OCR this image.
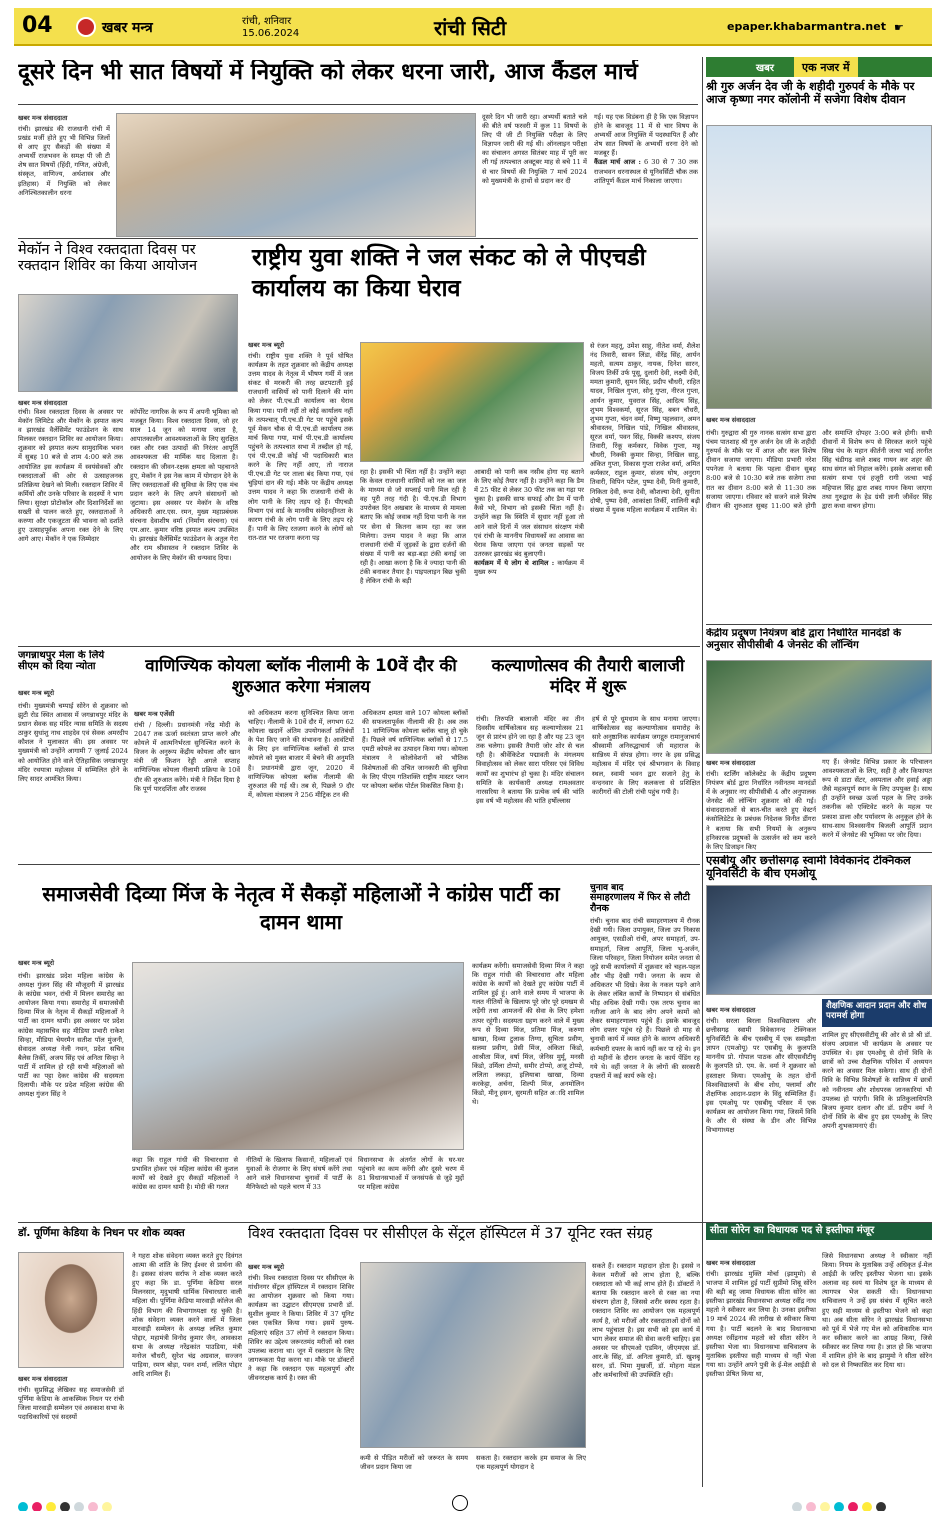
04	खबर मन्त्र	रांची, शनिवार
15.06.2024	रांची सिटी	epaper.khabarmantra.net ☛
दूसरे दिन भी सात विषयों में नियुक्ति को लेकर धरना जारी, आज कैंडल मार्च
खबर मन्त्र संवाददाता
रांची। झारखंड की राजधानी रांची में प्रखंड मर्जी होते हुए भी विभिन्न जिलों से आए हुए सैकड़ों की संख्या में अभ्यर्थी राजभवन के समक्ष पी जी टी शेष सात विषयों (हिंदी, गणित, अंग्रेजी, संस्कृत, वाणिज्य, अर्थशास्त्र और इतिहास) में नियुक्ति को लेकर अनिश्चितकालीन धरना
दूसरे दिन भी जारी रहा। अभ्यर्थी बताते चले की बीते वर्ष फरवरी में कुल 11 विषयों के लिए पी जी टी नियुक्ति परीक्षा के लिए विज्ञापन जारी की गई थी। ऑनलाइन परीक्षा का संचालन अगस्त सितंबर माह में पूरी कर ली गई तत्पश्चात अक्टूबर माह से बचे 11 में से चार विषयों की नियुक्ति 7 मार्च 2024 को मुख्यमंत्री के हाथों से प्रदान कर दी
गई। यह एक विडंबना ही है कि एक विज्ञापन होने के बावजूद 11 में से चार विषय के अभ्यर्थी आज नियुक्ति में पदस्थापित हैं और शेष सात विषयों के अभ्यर्थी धरना देने को मजबूर हैं।
कैंडल मार्च आज : 6 30 से 7 30 तक राजभवन धरनास्थल से यूनिवर्सिटी चौक तक शांतिपूर्ण कैंडल मार्च निकाला जाएगा।
खबर	एक नजर में
श्री गुरु अर्जन देव जी के शहीदी गुरुपर्व के मौके पर आज कृष्णा नगर कॉलोनी में सजेगा विशेष दीवान
खबर मन्त्र संवाददाता
रांची। गुरुद्वारा श्री गुरु नानक सत्संग सभा द्वारा पंचम पातशाह श्री गुरु अर्जन देव जी के शहीदी गुरुपर्व के मौके पर में आज और कल विशेष दीवान सजाया जाएगा। मीडिया प्रभारी नरेश पपनेजा ने बताया कि पहला दीवान सुबह 8:00 बजे से 10:30 बजे तक सजेगा तथा रात का दीवान 8:00 बजे से 11:30 तक सजाया जाएगा। रविवार को सजने वाले विशेष दीवान की शुरुआत सुबह 11:00 बजे होगी और समाप्ति दोपहर 3:00 बजे होगी। सभी दीवानों में विशेष रूप से सिरकत करने पहुंचे सिख पंथ के महान कीर्तनी जत्था भाई तरनीत सिंह चंडीगढ़ वाले शबद गायन कर शहर की साध संगत को निहाल करेंगे। इसके अलावा स्त्री सत्संग सभा एवं हजूरी रागी जत्था भाई महिपाल सिंह द्वारा शबद गायन किया जाएगा तथा गुरुद्वारा के हेड ग्रंथी ज्ञानी जीवेंदर सिंह द्वारा कथा वाचन होगा।
मेकॉन ने विश्व रक्तदाता दिवस पर रक्तदान शिविर का किया आयोजन
खबर मन्त्र संवाददाता
रांची। विश्व रक्तदाता दिवस के अवसर पर मेकॉन लिमिटेड और मेकॉन के इस्पात कल्प व झारखंड वैलेंसिमेंट फाउंडेशन के साथ मिलकर रक्तदान शिविर का आयोजन किया। शुक्रवार को इस्पात कल्प सामुदायिक भवन में सुबह 10 बजे से शाम 4:00 बजे तक आयोजित इस कार्यक्रम में स्वयंसेवकों और रक्तदाताओं की ओर से उत्साहजनक प्रतिक्रिया देखने को मिली। रक्तदान शिविर में कर्मियों और उनके परिवार के सदस्यों ने भाग लिया। सुरक्षा प्रोटोकॉल और दिशानिर्देशों का सख्ती से पालन करते हुए, रक्तदाताओं ने करुणा और एकजुटता की भावना को दर्शाते हुए उत्साहपूर्वक अपना रक्त देने के लिए आगे आए। मेकॉन ने एक जिम्मेदार
कॉर्पोरेट नागरिक के रूप में अपनी भूमिका को मजबूत किया। विश्व रक्तदाता दिवस, जो हर साल 14 जून को मनाया जाता है, आपातकालीन आवश्यकताओं के लिए सुरक्षित रक्त और रक्त उत्पादों की निरंतर आपूर्ति आवश्यकता की मार्मिक याद दिलाता है। रक्तदान की जीवन-रक्षक क्षमता को पहचानते हुए, मेकॉन ने इस नेक काम में योगदान देने के लिए रक्तदाताओं की सुविधा के लिए एक मंच प्रदान करने के लिए अपने संसाधनों को जुटाया। इस अवसर पर मेकॉन के वरिष्ठ अधिकारी आर.एस. रमन, मुख्य महाप्रबंधक संरचना देवाशीष वर्मा (निर्माण संरचना) एवं एम.आर. कुमार वरिष्ठ इस्पात कल्प उपस्थित थे। झारखंड वैलेंसिमेंट फाउंडेशन के अतुल गेरा और राम श्रीवास्तव ने रक्तदान शिविर के आयोजन के लिए मेकॉन की धन्यवाद दिया।
राष्ट्रीय युवा शक्ति ने जल संकट को ले पीएचडी कार्यालय का किया घेराव
खबर मन्त्र ब्यूरो
रांची। राष्ट्रीय युवा शक्ति ने पूर्व घोषित कार्यक्रम के तहत शुक्रवार को केंद्रीय अध्यक्ष उत्तम यादव के नेतृत्व में भीषण गर्मी में जल संकट से मरकरी की तरह छटपटाती हुई राजधानी वासियों को पानी दिलाने की मांग को लेकर पी.एच.डी कार्यालय का घेराव किया गया। पानी नहीं तो कोई कार्यालय नहीं के तत्पश्चात् पी.एच.डी गेट पर पहुंचे इसके पूर्व मेकन चौक से पी.एच.डी कार्यालय तक मार्च किया गया, मार्च पी.एच.डी कार्यालय पहुंचने के तत्पश्चात सभा में तब्दील हो गई, एवं पी.एच.डी कोई भी पदाधिकारी बात करने के लिए नहीं आए, तो नाराज पी.एच.डी गेट पर ताला बंद किया गया, एवं चुड़ियां दान की गई। मौके पर केंद्रीय अध्यक्ष उत्तम यादव ने कहा कि राजधानी रांची के लोग पानी के लिए तड़प रहे हैं। पीएचडी विभाग एवं वार्ड के मानवीय संवेदनहीनता के कारण रांची के लोग पानी के लिए तड़प रहे हैं। पानी के लिए रतजगा करने के लोगों को रात-रात भर रतजगा करना पड़
रहा है। इसकी भी चिंता नहीं है। उन्होंने कहा कि केवल राजधानी वासियों को नल का जल के माध्यम से जो सप्लाई पानी मिल रही है वह पूरी तरह गंदी है। पी.एच.डी विभाग उपरोक्त दिन अखबार के माध्यम से मामला बताए कि कोई जवाब नहीं दिया पानी के नल पर सेना से कितना काम रहा का जल मिलेगा। उत्तम यादव ने कहा कि आज राजधानी रांची में जुड़कों के द्वारा दर्जनों की संख्या में पानी का बड़ा-बड़ा टंकी बनाई जा रही है। आखा करना है कि वे ज्यादा पानी की टंकी बनाकर तैयार है। पाइपलाइन बिछ चुकी है लेकिन रांची के बड़ी
आबादी को पानी कब नसीब होगा यह बताने के लिए कोई तैयार नहीं है। उन्होंने कहा कि डैम में 25 फीट से लेकर 30 फीट तक का गढ़ा पर चुका है। इसकी साफ सफाई और डैम में पानी कैसे भरे, विभाग को इसकी चिंता नहीं है। उन्होंने कहा कि स्थिति में सुधार नहीं हुआ तो आने वाले दिनों में जल संसाधन संरक्षण मंत्री एवं रांची के माननीय विधायकों का आवास का घेराव किया जाएगा एवं जनता सड़कों पर उतरकर झारखंड बंद बुलाएगी।
कार्यक्रम में ये लोग थे शामिल : कार्यक्रम में मुख्य रूप
से रंजन महतू, उमेश साहू, नीतेश वर्मा, शैलेश नंद तिवारी, सावन लिंडा, वीरेंद्र सिंह, आर्यन महतो, सत्यम ठाकुर, नायक, दिनेश सारन, विजय तिर्की उर्फ पूसू, दुलारी देवी, लक्ष्मी देवी, ममता कुमारी, सुमन सिंह, प्रदीप चौधरी, राहित यादव, निखिल गुप्ता, सोनू गुप्ता, नीरज गुप्ता, आर्यन कुमार, युवराज सिंह, आदित्य सिंह, शुभम विश्वकर्मा, सूरज सिंह, बबन चौधरी, शुभम गुप्ता, चंदन वर्मा, विष्णु पहलवान, अमन श्रीवास्तव, निखिल पांडे, निखिल श्रीवास्तव, सूरज वर्मा, पवन सिंह, विक्की कश्यप, संजय तिवारी, रिंकू कर्मकार, विवेक गुप्ता, मन्नू चौधरी, निक्की कुमार सिन्हा, निखिल साहू, अंकित गुप्ता, विकास गुप्ता राजेश वर्मा, अमित कर्मकार, राहुल कुमार, संजय घोष, अनुराग तिवारी, विपिन पटेल, पुष्पा देवी, मिनी कुमारी, निकिता देवी, रूपा देवी, कौशल्या देवी, सुनीता दोषी, पुष्पा देवी, आकांक्षा तिर्की, शालिनी बढ़ी संख्या में युवक महिला कार्यक्रम में शामिल थे।
केंद्रीय प्रदूषण नियंत्रण बोर्ड द्वारा निर्धारित मानदंडों के अनुसार सीपीसीबी 4 जेनसेट की लॉन्चिंग
खबर मन्त्र संवाददाता
रांची। स्टर्लिंग कॉलेक्टेड के केंद्रीय प्रदूषण नियंत्रण बोर्ड द्वारा निर्धारित नवीनतम मानदंडों में के अनुसार नए सीपीसीबी 4 और अनुपालक जेनसेट की लॉन्चिंग शुक्रवार को की गई। संवाददाताओं से बात-चीत करते हुए वेस्टर्न कंसोलिडेटेड के प्रबंधक निदेशक विनीत डींगरा ने बताया कि सभी नियमों के अनुरूप हनिकारक प्रदूषकों के उत्सर्जन को कम करने के लिए डिजाइन किए
गए हैं। जेनसेट विभिन्न प्रकार के परिचालन आवश्यकताओं के लिए, सही है और किफायत रूप से डाटा सेंटर, अस्पताल और हवाई अड्डा जैसे महत्वपूर्ण स्थान के लिए उपयुक्त है। साथ ही उन्होंने स्वच्छ ऊर्जा पहल के लिए उनके तकनीक को एक्टिवेट करने के महत्व पर प्रकाश डाला और पर्यावरण के अनुकूल होने के साथ-साथ विश्वसनीय बिजली आपूर्ति प्रदान करने में जेनसेट की भूमिका पर जोर दिया।
जगन्नाथपुर मेला के लिये सीएम को दिया न्योता
खबर मन्त्र ब्यूरो
रांची। मुख्यमंत्री चम्पाई सोरेन से शुक्रवार को झुटी रोड स्थित आवास में जगन्नाथपुर मंदिर के प्रधान सेवक सह मंदिर न्यास समिति के सदस्य ठाकुर सुधांशु नाथ शाहदेव एवं सेवक अमरदीप कौशल ने मुलाकात की। इस अवसर पर मुख्यमंत्री को उन्होंने आगामी 7 जुलाई 2024 को आयोजित होने वाले ऐतिहासिक जगन्नाथपुर मंदिर रथयात्रा महोत्सव में सम्मिलित होने के लिए सादर आमंत्रित किया।
वाणिज्यिक कोयला ब्लॉक नीलामी के 10वें दौर की शुरुआत करेगा मंत्रालय
खबर मन्त्र एजेंसी
रांची / दिल्ली। प्रधानमंत्री नरेंद्र मोदी के 2047 तक ऊर्जा स्वतंत्रता प्राप्त करने और कोयले में आत्मनिर्भरता सुनिश्चित करने के विजन के अनुरूप केंद्रीय कोयला और खान मंत्री जी किशन रेड्डी अगले सप्ताह वाणिज्यिक कोयला नीलामी प्रक्रिया के 10वें दौर की शुरुआत करेंगे। मंत्री ने निर्देश दिया है कि पूर्ण पारदर्शिता और राजस्व
को अधिकतम करना सुनिश्चित किया जाना चाहिए। नीलामी के 10वें दौर में, लगभग 62 कोयला खदानें अंतिम उपयोगकर्ता प्रतिबंधों के पेश किए जाने की संभावना है। आवंटियों के लिए इन वाणिज्यिक ब्लॉकों से प्राप्त कोयले को मुक्त बाजार में बेचने की अनुमति है। प्रधानमंत्री द्वारा जून, 2020 में वाणिज्यिक कोयला ब्लॉक नीलामी की शुरुआत की गई थी। तब से, पिछले 9 दौर में, कोयला मंत्रालय ने 256 मीट्रिक टन की
अधिकतम क्षमता वाले 107 कोयला ब्लॉकों की सफलतापूर्वक नीलामी की है। अब तक 11 वाणिज्यिक कोयला ब्लॉक चालू हो चुके हैं। पिछले वर्ष वाणिज्यिक ब्लॉकों से 17.5 एमटी कोयले का उत्पादन किया गया। कोयला मंत्रालय ने कोलोवेशनों को भौतिक विशेषताओं की उचित जानकारी की सुविधा के लिए पीएम गतिशक्ति राष्ट्रीय मास्टर प्लान पर कोयला ब्लॉक पोर्टल विकसित किया है।
कल्याणोत्सव की तैयारी बालाजी मंदिर में शुरू
रांची। तिरुपति बालाजी मंदिर का तीन दिवसीय वार्षिकोत्सव सह कल्याणोत्सव 21 जून से प्रारंभ होने जा रहा है और यह 23 जून तक चलेगा। इसकी तैयारी जोर शोर से चल रही है। श्रीवेंकिटेश पद्मावती के मंगलमय विवाहोत्सव को लेकर सारा परिसर एवं विविध कार्यों का शुभारंभ हो चुका है। मंदिर संचालन समिति के कार्यकारी अध्यक्ष रामअवतार नारसरिया ने बताया कि प्रत्येक वर्ष की भांति इस वर्ष भी महोत्सव की भांति हर्षोल्लास
हर्ष से पूरे धूमधाम के साथ मनाया जाएगा। वार्षिकोत्सव सह कल्याणोत्सव समारोह के सारे अनुष्ठानिक कार्यक्रम जगद्गुरु रामानुजाचार्य श्रीस्वामी अनिरुद्धाचार्य जी महाराज के सान्निध्य में संपन्न होगा। नगर के इस प्रसिद्ध महोत्सव में मंदिर एवं श्रीभगवान के विवाह स्थल, स्वामी भवन द्वार सजाने हेतु के वन्दनवार के लिए कलकत्ता से प्रशिक्षित कारीगरों की टोली रांची पहुंच गयी है।
एसबीयू और छत्तीसगढ़ स्वामी विवेकानंद टेक्निकल यूनिवर्सिटी के बीच एमओयू
खबर मन्त्र संवाददाता	शैक्षणिक आदान प्रदान और शोध परामर्श होगा
रांची। सरला बिरला विश्वविद्यालय और छत्तीसगढ़ स्वामी विवेकानन्द टेक्निकल यूनिवर्सिटी के बीच एसबीयू में एक समझौता ज्ञापन (एमओयू) पर एसबीयू के कुलपति माननीय प्रो. गोपाल पाठक और सीएसवीटीयू के कुलपति प्रो. एम. के. वर्मा ने शुक्रवार को हस्ताक्षर किया। एमओयू के तहत दोनों विश्वविद्यालयों के बीच शोध, फ्लार्मा और शैक्षणिक आदान-प्रदान के विंदु सम्मिलित हैं। इस एमओयू पर एसबीयू परिसर में एक कार्यक्रम का आयोजन किया गया, जिसमें विवि के और से संस्था के डीन और विभिन्न विभागाध्यक्ष
शामिल हुए सीएसवीटीयू की ओर से प्रो श्री डॉ. संजय अग्रवाल भी कार्यक्रम के अवसर पर उपस्थित थे। इस एमओयू से दोनों विवि के छात्रों को उच्च शैक्षणिक परिवेश में अध्ययन करने का अवसर मिल सकेगा। साथ ही दोनों विवि के विभिन्न विशेषज्ञों के सान्निध्य में छात्रों को नवीनतम और शोधपरक जानकारियां भी उपलब्ध हो पाएंगी। विवि के प्रतिकुलाधिपति बिजय कुमार दलान और डॉ. प्रदीप वर्मा ने दोनों विवि के बीच हुए इस एमओयू के लिए अपनी शुभकामनाएं दी।
चुनाव बाद
समाहरणालय में फिर से लौटी रौनक
रांची। चुनाव बाद रांची समाहरणालय में रौनक देखी गयी। जिला उपायुक्त, जिला उप निकास आयुक्त, एसडीओ रांची, अपर समाहर्ता, उप-समाहर्ता, जिला आपूर्ति, जिला भू-अर्जन, जिला परिवहन, जिला नियोजन समेत जनता से जुड़े सभी कार्यालयों में शुक्रवार को चहल-पहल और भीड़ देखी गयी। जनता के काम से अधिकतर भी दिखे। केस के नकल पढ़ने आने के लेकर लंबित कार्यों के निष्पादन से संबंधित भीड़ अधिक देखी गयी। एक तरफ चुनाव का नतीजा आने के बाद लोग अपने कामों को लेकर समाहरणालय पहुंचे हैं। इसके बावजूद लोग दफ्तर पहुंच रहे हैं। पिछले दो माह से चुनावी कार्य में व्यस्त होने के कारण अधिकारी कर्मचारी दफ्तर के कार्य नहीं कर पा रहे थे। इन दो महीनों के दौरान जनता के कार्य पेंडिंग रह गये थे। वहीं जनता ने के लोगों की सरकारी दफ्तरों में कई कार्य रुके रहे।
समाजसेवी दिव्या मिंज के नेतृत्व में सैकड़ों महिलाओं ने कांग्रेस पार्टी का दामन थामा
खबर मन्त्र ब्यूरो
रांची। झारखंड प्रदेश महिला कांग्रेस के अध्यक्ष गुंजन सिंह की मौजूदगी में झारखंड के कांग्रेस भवन, रांची में मिलन समारोह का आयोजन किया गया। समारोह में समाजसेवी दिव्या मिंज के नेतृत्व में सैकड़ों महिलाओं ने पार्टी का दामन थामी। इस अवसर पर प्रदेश कांग्रेस महासचिव सह मीडिया प्रभारी राकेश सिन्हा, मीडिया चेयरमैन सतीश पॉल मुंजनी, सेवादल अध्यक्ष नेली नथन, प्रदेश सचिव बैलेस तिर्की, अजय सिंह एवं अनिता सिन्हा ने पार्टी में शामिल हो रही सभी महिलाओं को पार्टी का पट्टा देकर कांग्रेस की सदस्यता दिलायी। मौके पर प्रदेश महिला कांग्रेस की अध्यक्ष गुंजन सिंह ने
कहा कि राहुल गांधी की विचारधारा से प्रभावित होकर एवं महिला कांग्रेस की कुशल कार्यों को देखते हुए सैकड़ों महिलाओं ने कांग्रेस का दामन थामी है। मोदी की गलत
नीतियों के खिलाफ किसानों, महिलाओं एवं युवाओं के रोजगार के लिए संघर्ष करेंगे तथा आने वाले विधानसभा चुनावों में पार्टी के मैनिफेस्टो को पहले चरण में 33
विधानसभा के अंतर्गत लोगों के घर-घर पहुंचाने का काम करेंगी और दूसरे चरण में 81 विधानसभाओं में जनसंपर्क से जुड़े मुद्दों पर महिला कांग्रेस
कार्यक्रम करेंगी। समाजसेवी दिव्या मिंज ने कहा कि राहुल गांधी की विचारधारा और महिला कांग्रेस के कार्यों को देखते हुए कांग्रेस पार्टी में शामिल हुई हूं। आने वाले समय में भाजपा के गलत नीतियों के खिलाफ पूरे जोर पूरे दमखम से लड़ेंगी तथा आमजनों की सेवा के लिए हमेशा तत्पर रहूंगी। सदस्यता ग्रहण करने वाले में मुख्य रूप से दिव्या मिंज, प्रतिमा मिंज, करुणा खाखा, दिव्या टुलाक तिग्गा, सुचिता प्रवीण, सलमा प्रवीण, प्रेसी मिंज, अंकिता किंडो, आश्रीता मिंज, वर्षा मिंज, जेनिस मुर्मू, मनसी किंडो, उर्मिला टोप्पो, समीर टोप्पो, अजू टोप्पो, ललिता लकड़ा, इलियाबा खाखा, दिव्या करकेट्टा, अर्चना, शिल्पी मिंज, अनमोलिन किंडो, मीनू हसन, सुरमती सहित अादि शामिल थे।
डॉ. पूर्णिमा केडिया के निधन पर शोक व्यक्त
खबर मन्त्र संवाददाता
रांची। सुप्रसिद्ध लेखिका सह समाजसेवी डॉ पूर्णिमा केडिया के आकस्मिक निधन पर रांची जिला मारवाड़ी सम्मेलन एवं अवकाश सभा के पदाधिकारियों एवं सदस्यों
ने गहरा शोक संवेदना व्यक्त करते हुए दिवंगत आत्मा की शांति के लिए ईश्वर से प्रार्थना की है। इसका संजय सर्राफ ने शोक व्यक्त करते हुए कहा कि डा. पूर्णिमा केडिया सरल मिलनसार, मृदुभाषी धार्मिक विचारधारा वाली महिला थी। पूर्णिमा केडिया मारवाड़ी कॉलेज की हिंदी विभाग की विभागाध्यक्षा रह चुकी है। शोक संवेदना व्यक्त करने वालों में जिला मारवाड़ी सम्मेलन के अध्यक्ष ललित कुमार पोद्दार, महामंत्री विनोद कुमार जैन, आवकाश सभा के अध्यक्ष नरेंद्रकांत पाउडिया, मंत्री मनोज चौधरी, सुरेश चंद्र अग्रवाल, सज्जन पाड़िया, रमण बोड़ा, पवन शर्मा, ललित पोद्दार आदि शामिल हैं।
विश्व रक्तदाता दिवस पर सीसीएल के सेंट्रल हॉस्पिटल में 37 यूनिट रक्त संग्रह
खबर मन्त्र ब्यूरो
रांची। विश्व रक्तदाता दिवस पर सीसीएल के गांधीनगर सेंट्रल हॉस्पिटल में रक्तदान शिविर का आयोजन शुक्रवार को किया गया। कार्यक्रम का उद्घाटन सीएमएस प्रभारी डॉ. सुशील कुमार ने किया। शिविर में 37 यूनिट रक्त एकत्रित किया गया। इसमें पुरुष-महिलाएं सहित 37 लोगों ने रक्तदान किया। शिविर का उद्देश्य जरूरतमंद मरीजों को रक्त उपलब्ध कराना था। जून में रक्तदान के लिए जागरूकता पैदा करना था। मौके पर डॉक्टरों ने कहा कि रक्तदान एक महत्वपूर्ण और जीवनरक्षक कार्य है। रक्त की
कमी से पीड़ित मरीजों को जरूरत के समय जीवन प्रदान किया जा
सकता है। रक्तदान करके हम समाज के लिए एक महत्वपूर्ण योगदान दे
सकते हैं। रक्तदान महादान होता है। इससे न केवल मरीजों को लाभ होता है, बल्कि रक्तदाता को भी कई लाभ होते हैं। डॉक्टरों ने बताया कि रक्तदान करने से रक्त का नया संचरण होता है, जिससे शरीर स्वस्थ रहता है। रक्तदान शिविर का आयोजन एक महत्वपूर्ण कार्य है, जो मरीजों और रक्तदाताओं दोनों को लाभ पहुंचाता है। इस सभी को इस कार्य में भाग लेकर समाज की सेवा करनी चाहिए। इस अवसर पर सीएमओ एडमिन, जीएमएस डॉ. आर.के सिंह, डॉ. अनिता कुमारी, डॉ. खुशबू सरन, डॉ. भिमा मुखर्जी, डॉ. मोहना मंडल और कर्मचारियों की उपस्थिति रही।
सीता सोरेन का विधायक पद से इस्तीफा मंजूर
खबर मन्त्र संवाददाता
रांची। झारखंड मुक्ति मोर्चा (झामुमो) से भाजपा में शामिल हुई पार्टी सुप्रीमो शिबू सोरेन की बड़ी बहू जामा विधायक सीता सोरेन का इस्तीफा झारखंड विधानसभा अध्यक्ष रवींद्र नाथ महतो ने स्वीकार कर लिया है। उनका इस्तीफा 19 मार्च 2024 की तारीख से स्वीकार किया गया है। पार्टी बदलने के बाद विधानसभा अध्यक्ष रवींद्रनाथ महतो को सीता सोरेन ने इस्तीफा भेजा था। विधानसभा सचिवालय के मुताबिक इस्तीफा सही माध्यम से नहीं भेजा गया था। उन्होंने अपने पुत्री के ई-मेल आईडी से इस्तीफा प्रेषित किया था,
जिसे विधानसभा अध्यक्ष ने स्वीकार नहीं किया। नियम के मुताबिक उन्हें अधिकृत ई-मेल आईडी के जरिए इस्तीफा भेजना था। इसके अलावा वह स्वयं या विशेष दूत के माध्यम से त्यागपत्र भेज सकती थी। विधानसभा सचिवालय ने उन्हें इस संबंध में सूचित करते हुए सही माध्यम से इस्तीफा भेजने को कहा था। अब सीता सोरेन ने झारखंड विधानसभा को पूर्व में भेजे गए मेल को अधिकारिक मान कर स्वीकार करने का आग्रह किया, जिसे स्वीकार कर लिया गया है। ज्ञात हो कि भाजपा में शामिल होने के बाद झामुमो ने सीता सोरेन को दल से निष्कासित कर दिया था।
